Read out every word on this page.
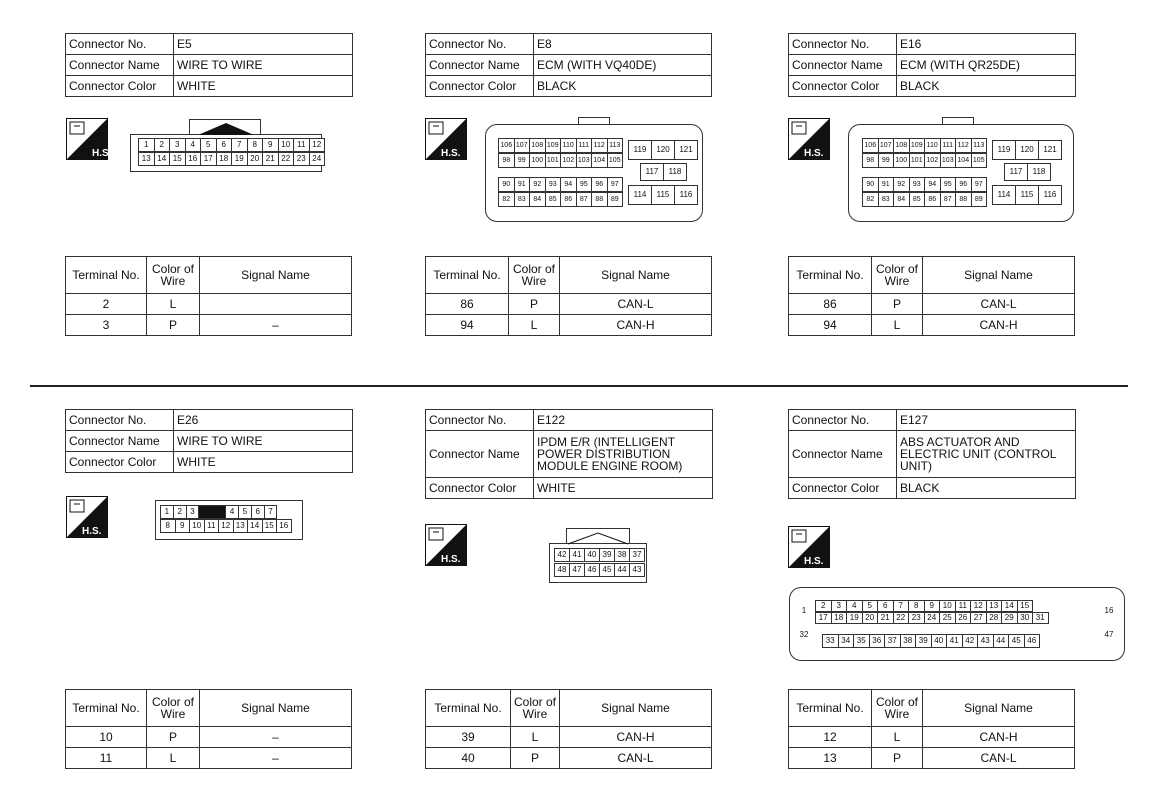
Connector No.	E5
Connector Name	WIRE TO WIRE
Connector Color	WHITE
Connector No.	E8
Connector Name	ECM (WITH VQ40DE)
Connector Color	BLACK
Connector No.	E16
Connector Name	ECM (WITH QR25DE)
Connector Color	BLACK
Connector No.	E26
Connector Name	WIRE TO WIRE
Connector Color	WHITE
Connector No.	E122
Connector Name	IPDM E/R (INTELLIGENT POWER DISTRIBUTION MODULE ENGINE ROOM)
Connector Color	WHITE
Connector No.	E127
Connector Name	ABS ACTUATOR AND ELECTRIC UNIT (CONTROL UNIT)
Connector Color	BLACK
H.S.	H.S.	H.S.
H.S.
H.S.	H.S.
1	2	3	4	5	6	7	8	9	10 11 12
13 14 15 16 17 18 19 20 21 22 23 24
106 107 108 109 110 111 112 113
98	99 100 101 102 103 104 105
90	91	92	93	94	95	96	97
82	83	84	85	86	87	88	89
119	120	121
117	118
114	115	116
106 107 108 109 110 111 112 113
98	99 100 101 102 103 104 105
90	91	92	93	94	95	96	97
82	83	84	85	86	87	88	89
119	120	121
117	118
114	115	116
1	2	3	4	5	6	7
8	9 10 11 12 13 14 15 16
42 41 40 39 38 37
48 47 46 45 44 43
2	3	4	5	6	7	8	9	10 11 12 13 14 15
17 18 19 20 21 22 23 24 25 26 27 28 29 30 31
33 34 35 36 37 38 39 40 41 42 43 44 45 46
1	16
32	47
Terminal No.	Color of
Wire	Signal Name
2	L	
3	P	–
Terminal No.	Color of
Wire	Signal Name
86	P	CAN-L
94	L	CAN-H
Terminal No.	Color of
Wire	Signal Name
86	P	CAN-L
94	L	CAN-H
Terminal No.	Color of
Wire	Signal Name
10	P	–
11	L	–
Terminal No.	Color of
Wire	Signal Name
39	L	CAN-H
40	P	CAN-L
Terminal No.	Color of
Wire	Signal Name
12	L	CAN-H
13	P	CAN-L
